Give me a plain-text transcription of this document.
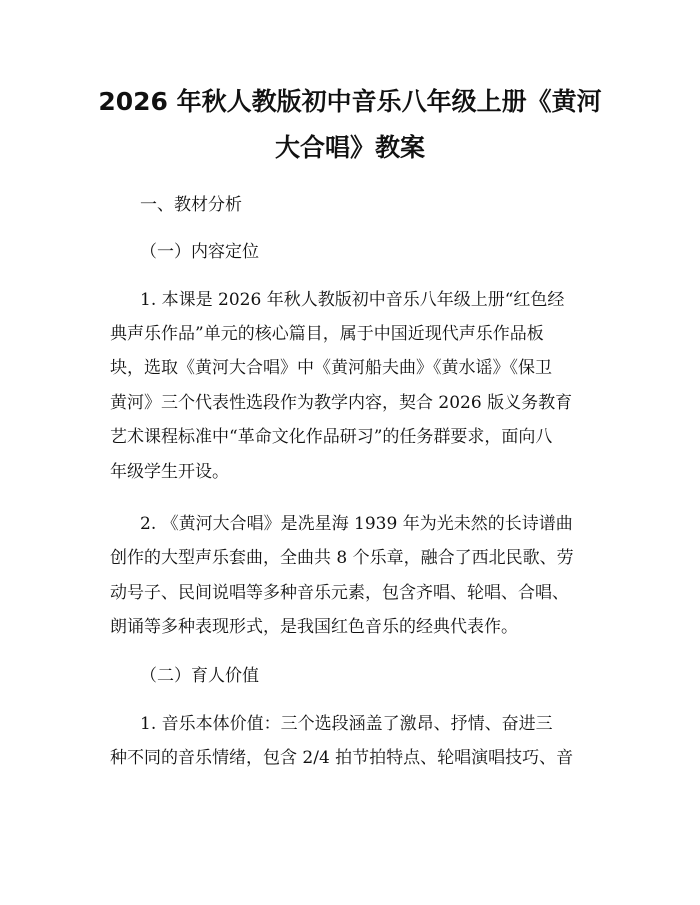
2026 年秋人教版初中音乐八年级上册《黄河
大合唱》教案

一、教材分析

（一）内容定位

1. 本课是 2026 年秋人教版初中音乐八年级上册“红色经

典声乐作品”单元的核心篇目，属于中国近现代声乐作品板

块，选取《黄河大合唱》中《黄河船夫曲》《黄水谣》《保卫

黄河》三个代表性选段作为教学内容，契合 2026 版义务教育

艺术课程标准中“革命文化作品研习”的任务群要求，面向八

年级学生开设。

2. 《黄河大合唱》是冼星海 1939 年为光未然的长诗谱曲

创作的大型声乐套曲，全曲共 8 个乐章，融合了西北民歌、劳

动号子、民间说唱等多种音乐元素，包含齐唱、轮唱、合唱、

朗诵等多种表现形式，是我国红色音乐的经典代表作。

（二）育人价值

1. 音乐本体价值：三个选段涵盖了激昂、抒情、奋进三

种不同的音乐情绪，包含 2/4 拍节拍特点、轮唱演唱技巧、音
